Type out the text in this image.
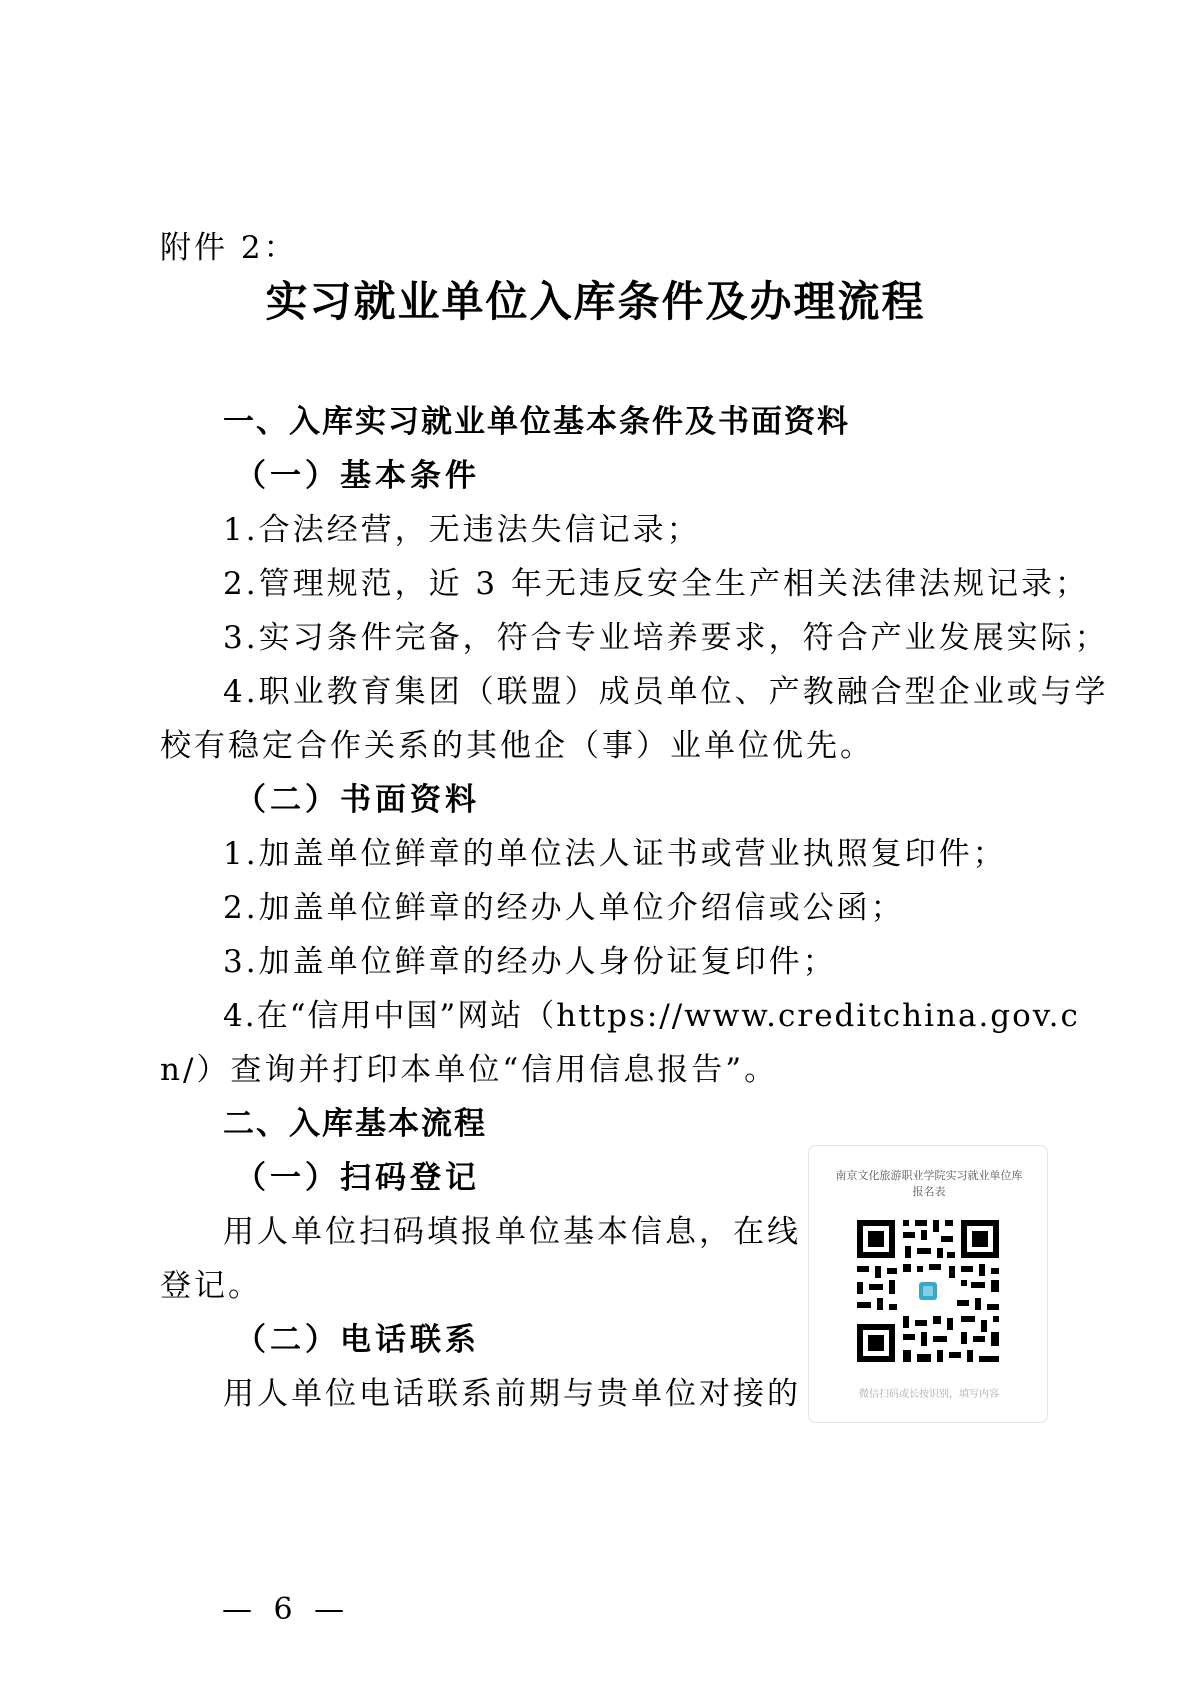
附件 2：
实习就业单位入库条件及办理流程
一、入库实习就业单位基本条件及书面资料
（一）基本条件
1.合法经营，无违法失信记录；
2.管理规范，近 3 年无违反安全生产相关法律法规记录；
3.实习条件完备，符合专业培养要求，符合产业发展实际；
4.职业教育集团（联盟）成员单位、产教融合型企业或与学
校有稳定合作关系的其他企（事）业单位优先。
（二）书面资料
1.加盖单位鲜章的单位法人证书或营业执照复印件；
2.加盖单位鲜章的经办人单位介绍信或公函；
3.加盖单位鲜章的经办人身份证复印件；
4.在“信用中国”网站（https://www.creditchina.gov.c
n/）查询并打印本单位“信用信息报告”。
二、入库基本流程
（一）扫码登记
用人单位扫码填报单位基本信息，在线
登记。
（二）电话联系
用人单位电话联系前期与贵单位对接的
南京文化旅游职业学院实习就业单位库
报名表
微信扫码或长按识别，填写内容
— 6 —
